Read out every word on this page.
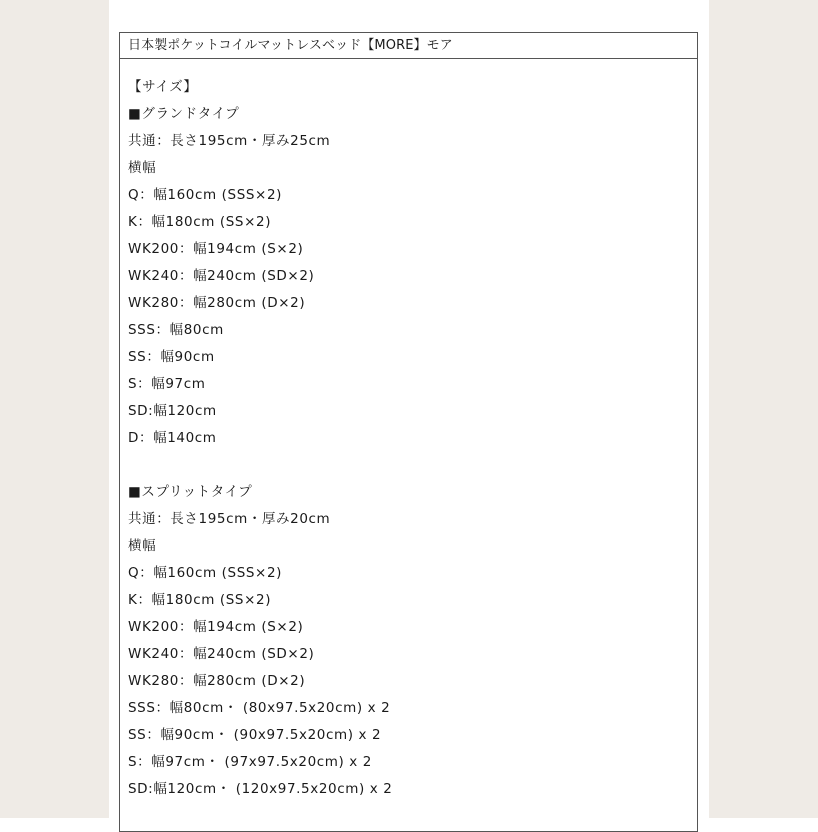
日本製ポケットコイルマットレスベッド【MORE】モア
【サイズ】
■グランドタイプ
共通：長さ195cm・厚み25cm
横幅
Q：幅160cm (SSS×2)
K：幅180cm (SS×2)
WK200：幅194cm (S×2)
WK240：幅240cm (SD×2)
WK280：幅280cm (D×2)
SSS：幅80cm
SS：幅90cm
S：幅97cm
SD:幅120cm
D：幅140cm
■スプリットタイプ
共通：長さ195cm・厚み20cm
横幅
Q：幅160cm (SSS×2)
K：幅180cm (SS×2)
WK200：幅194cm (S×2)
WK240：幅240cm (SD×2)
WK280：幅280cm (D×2)
SSS：幅80cm・ (80x97.5x20cm) x 2
SS：幅90cm・ (90x97.5x20cm) x 2
S：幅97cm・ (97x97.5x20cm) x 2
SD:幅120cm・ (120x97.5x20cm) x 2
